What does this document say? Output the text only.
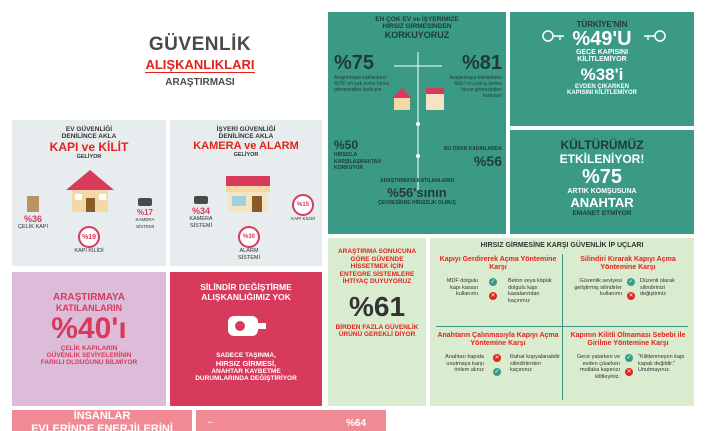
GÜVENLİK
ALIŞKANLIKLARI
ARAŞTIRMASI
EV GÜVENLİĞİ
DENİLİNCE AKLA
KAPI ve KİLİT
GELİYOR
%36
ÇELİK KAPI
%17
KAMERA SİSTEMİ
%19
KAPI KİLİDİ
İŞYERİ GÜVENLİĞİ
DENİLİNCE AKLA
KAMERA ve ALARM
GELİYOR
%34
KAMERA SİSTEMİ
%15
KAPI KİLİDİ
%30
ALARM SİSTEMİ
EN ÇOK EV ve İŞYERİMİZE
HIRSIZ GİRMESİNDEN
KORKUYORUZ
%75
Araştırmaya katılanların %75'i en çok evine hırsız girmesinden korkuyor
%81
Araştırmaya katılanların %81'i en çok iş yerine hırsız girmesinden korkuyor
%50
HIRSIZLA KARŞILAŞMAKTAN KORKUYOR
BU ORAN KADINLARDA
%56
ARAŞTIRMAYA KATILANLARIN
%56'sının
ÇEVRESİNDE HIRSIZLIK OLMUŞ
TÜRKİYE'NİN
%49'U
GECE KAPISINI
KİLİTLEMİYOR
%38'i
EVDEN ÇIKARKEN
KAPISINI KİLİTLEMİYOR
KÜLTÜRÜMÜZ
ETKİLENİYOR!
%75
ARTIK KOMŞUSUNA
ANAHTAR
EMANET ETMİYOR
ARAŞTIRMAYA
KATILANLARIN
%40'ı
ÇELİK KAPILARIN
GÜVENLİK SEVİYELERİNİN
FARKLI OLDUĞUNU BİLMİYOR
SİLİNDİR DEĞİŞTİRME
ALIŞKANLIĞIMIZ YOK
SADECE TAŞINMA,
HIRSIZ GİRMESİ,
ANAHTAR KAYBETME
DURUMLARINDA DEĞİŞTİRİYOR
ARAŞTIRMA SONUCUNA GÖRE GÜVENDE HİSSETMEK İÇİN
ENTEGRE SİSTEMLERE İHTİYAÇ DUYUYORUZ
%61
BİRDEN FAZLA GÜVENLİK ÜRÜNÜ GEREKLİ DİYOR
HIRSIZ GİRMESİNE KARŞI GÜVENLİK İP UÇLARI
Kapıyı Gerdirerek Açma Yöntemine Karşı
MDF dolgulu kapı kasası kullanımı
✓
✕
Beton veya köpük dolgulu kapı kasalarından kaçınmız
Silindiri Kırarak Kapıyı Açma Yöntemine Karşı
Güvenlik seviyesi geliştirmiş silindirler kullanımı
✓
✕
Düzenli olarak silindirinizi değiştiriniz
Anahtarın Çalınmasıyla Kapıyı Açma Yöntemine Karşı
Anahtarı kapıda unutmaya karşı önlem alınız
✕
✓
Rahat kopyalanabilir silindirlerden kaçınınız
Kapının Kilitli Olmaması Sebebi ile Girilme Yöntemine Karşı
Gece yatarken ve evden çıkarken mutlaka kapınızı kilitleyiniz.
✓
✕
"Kilitlenmeyen kapı kapalı değildir." Unutmayınız.
İNSANLAR
EVLERİNDE ENERJİLERİNİ
←	%64
